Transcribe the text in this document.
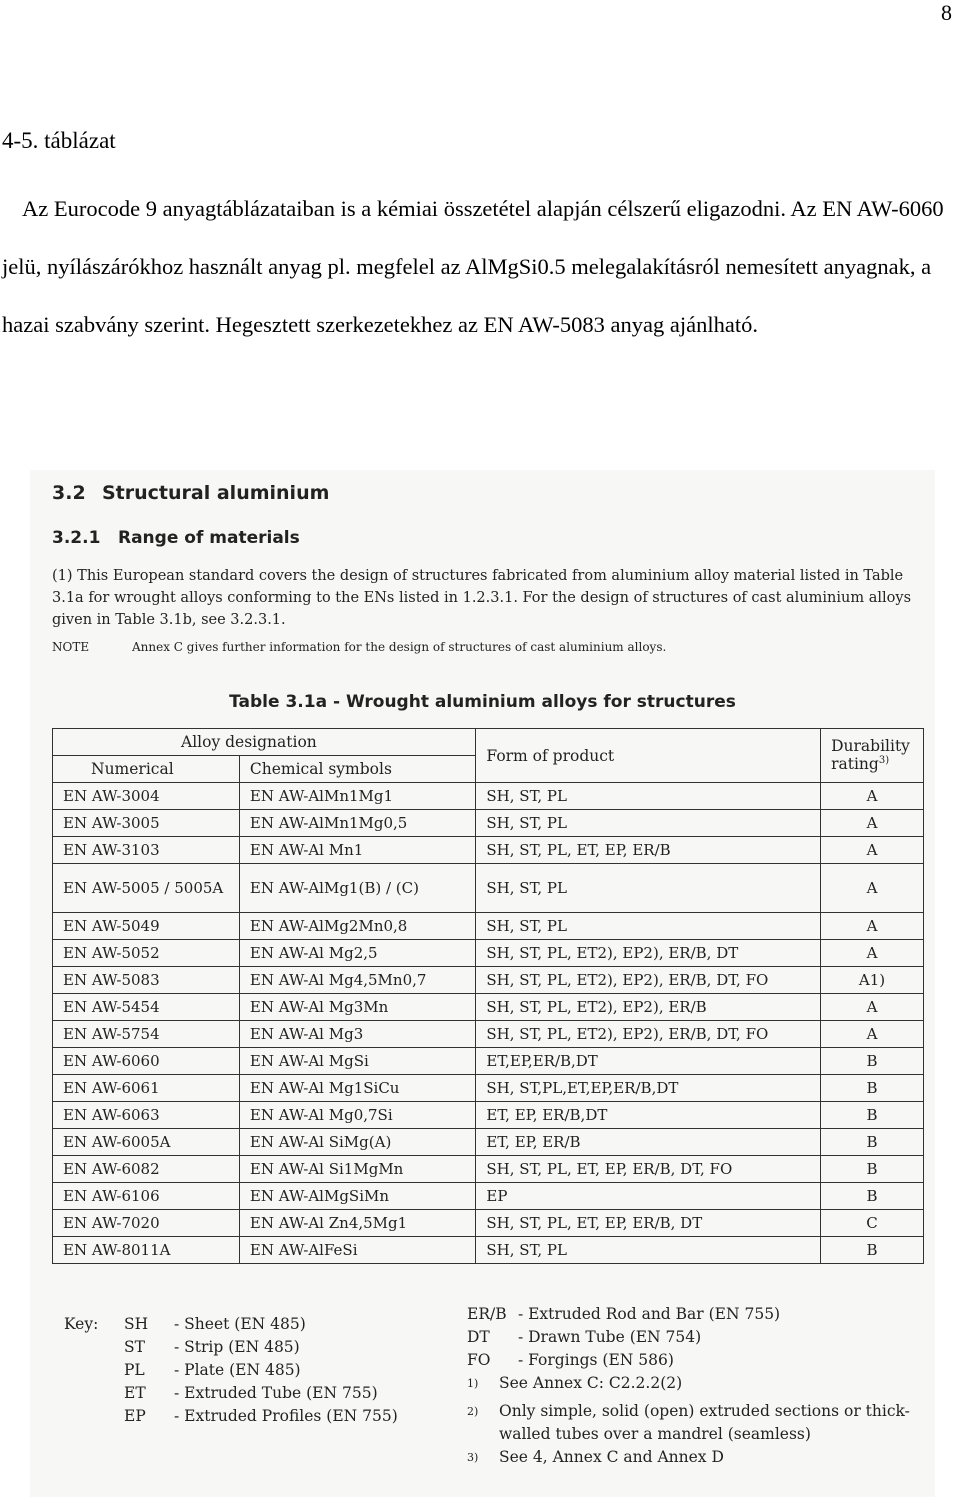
8
4-5. táblázat
Az Eurocode 9 anyagtáblázataiban is a kémiai összetétel alapján célszerű eligazodni. Az EN AW-6060 jelü, nyílászárókhoz használt anyag pl. megfelel az AlMgSi0.5 melegalakításról nemesített anyagnak, a hazai szabvány szerint. Hegesztett szerkezetekhez az EN AW-5083 anyag ajánlható.
3.2 Structural aluminium
3.2.1 Range of materials
(1) This European standard covers the design of structures fabricated from aluminium alloy material listed in Table 3.1a for wrought alloys conforming to the ENs listed in 1.2.3.1. For the design of structures of cast aluminium alloys given in Table 3.1b, see 3.2.3.1.
NOTE	Annex C gives further information for the design of structures of cast aluminium alloys.
Table 3.1a - Wrought aluminium alloys for structures
Alloy designation		Form of product	Durability rating$^{3)}$
Numerical	Chemical symbols		
EN AW-3004	EN AW-AlMn1Mg1	SH, ST, PL	A
EN AW-3005	EN AW-AlMn1Mg0,5	SH, ST, PL	A
EN AW-3103	EN AW-Al Mn1	SH, ST, PL, ET, EP, ER/B	A
EN AW-5005 / 5005A	EN AW-AlMg1(B) / (C)	SH, ST, PL	A
EN AW-5049	EN AW-AlMg2Mn0,8	SH, ST, PL	A
EN AW-5052	EN AW-Al Mg2,5	SH, ST, PL, ET2), EP2), ER/B, DT	A
EN AW-5083	EN AW-Al Mg4,5Mn0,7	SH, ST, PL, ET2), EP2), ER/B, DT, FO	A1)
EN AW-5454	EN AW-Al Mg3Mn	SH, ST, PL, ET2), EP2), ER/B	A
EN AW-5754	EN AW-Al Mg3	SH, ST, PL, ET2), EP2), ER/B, DT, FO	A
EN AW-6060	EN AW-Al MgSi	ET,EP,ER/B,DT	B
EN AW-6061	EN AW-Al Mg1SiCu	SH, ST,PL,ET,EP,ER/B,DT	B
EN AW-6063	EN AW-Al Mg0,7Si	ET, EP, ER/B,DT	B
EN AW-6005A	EN AW-Al SiMg(A)	ET, EP, ER/B	B
EN AW-6082	EN AW-Al Si1MgMn	SH, ST, PL, ET, EP, ER/B, DT, FO	B
EN AW-6106	EN AW-AlMgSiMn	EP	B
EN AW-7020	EN AW-Al Zn4,5Mg1	SH, ST, PL, ET, EP, ER/B, DT	C
EN AW-8011A	EN AW-AlFeSi	SH, ST, PL	B
Key: SH - Sheet (EN 485)
ST - Strip (EN 485)
PL - Plate (EN 485)
ET - Extruded Tube (EN 755)
EP - Extruded Profiles (EN 755)
ER/B - Extruded Rod and Bar (EN 755)
DT - Drawn Tube (EN 754)
FO - Forgings (EN 586)
1) See Annex C: C2.2.2(2)
2) Only simple, solid (open) extruded sections or thick-walled tubes over a mandrel (seamless)
3) See 4, Annex C and Annex D
